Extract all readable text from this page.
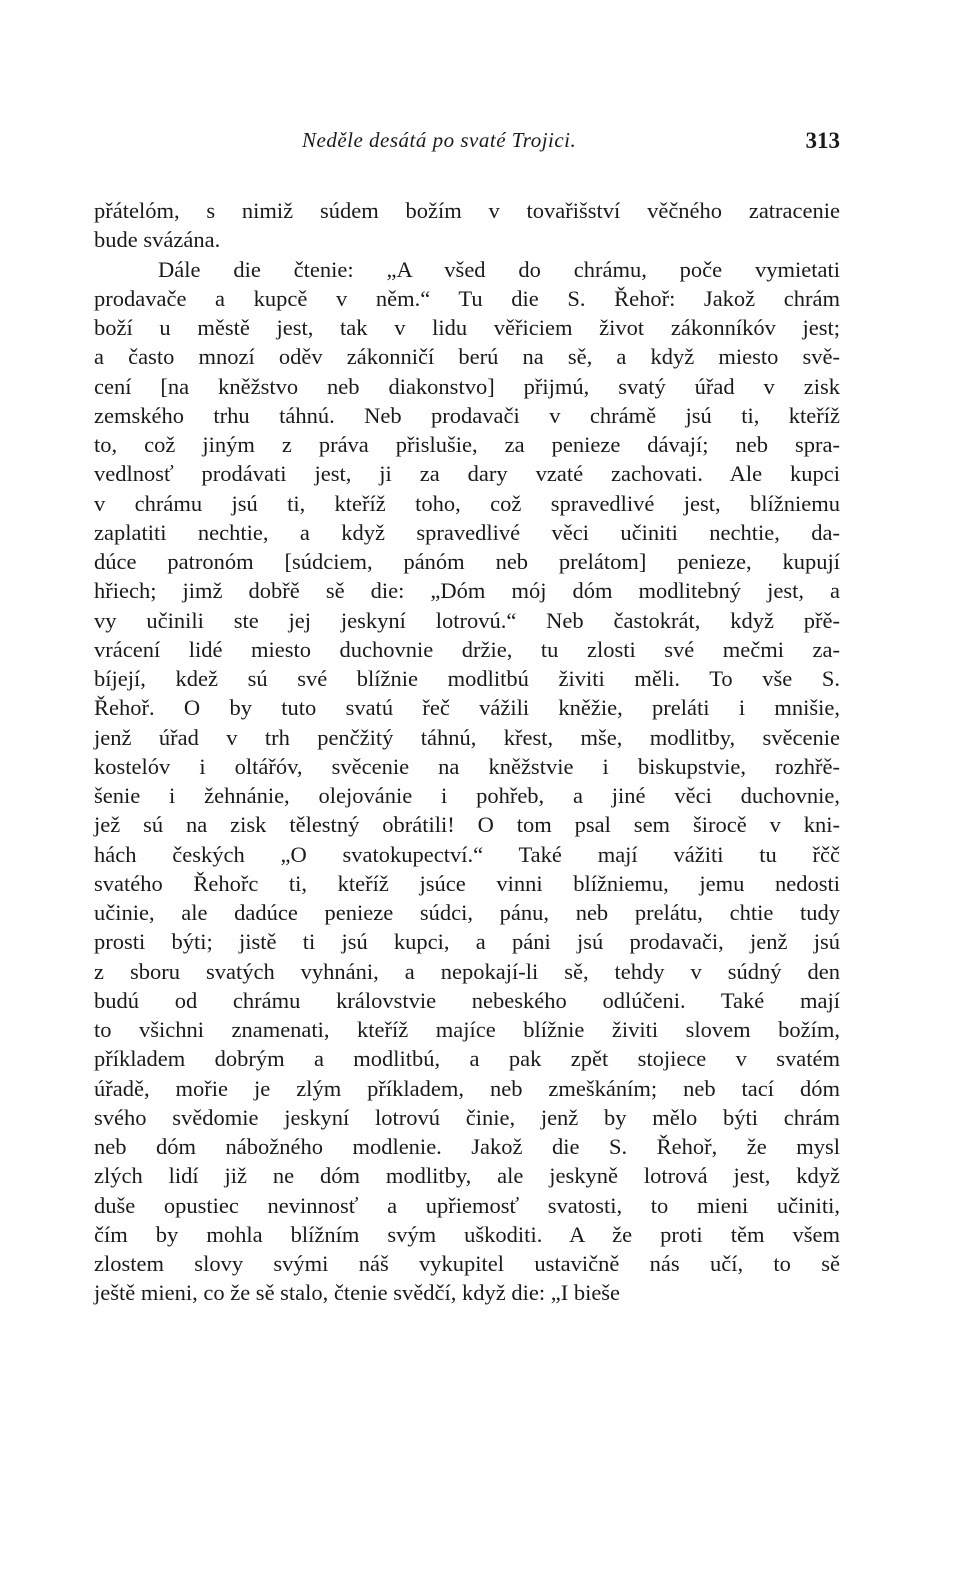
Neděle desátá po svaté Trojici.	313
přátelóm, s nimiž súdem božím v tovařišství věčného zatracenie
bude svázána.
Dále die čtenie: „A všed do chrámu, poče vymietati
prodavače a kupcě v něm.“ Tu die S. Řehoř: Jakož chrám
boží u městě jest, tak v lidu věřiciem život zákonníkóv jest;
a často mnozí oděv zákonničí berú na sě, a když miesto svě-
cení [na kněžstvo neb diakonstvo] přijmú, svatý úřad v zisk
zemského trhu táhnú. Neb prodavači v chrámě jsú ti, kteříž
to, což jiným z práva přislušie, za penieze dávají; neb spra-
vedlnosť prodávati jest, ji za dary vzaté zachovati. Ale kupci
v chrámu jsú ti, kteříž toho, což spravedlivé jest, blížniemu
zaplatiti nechtie, a když spravedlivé věci učiniti nechtie, da-
dúce patronóm [súdciem, pánóm neb prelátom] penieze, kupují
hřiech; jimž dobřě sě die: „Dóm mój dóm modlitebný jest, a
vy učinili ste jej jeskyní lotrovú.“ Neb častokrát, když přě-
vrácení lidé miesto duchovnie držie, tu zlosti své mečmi za-
bíjejí, kdež sú své blížnie modlitbú živiti měli. To vše S.
Řehoř. O by tuto svatú řeč vážili kněžie, preláti i mnišie,
jenž úřad v trh penčžitý táhnú, křest, mše, modlitby, svěcenie
kostelóv i oltářóv, svěcenie na kněžstvie i biskupstvie, rozhřě-
šenie i žehnánie, olejovánie i pohřeb, a jiné věci duchovnie,
jež sú na zisk tělestný obrátili! O tom psal sem širocě v kni-
hách českých „O svatokupectví.“ Také mají vážiti tu řčč
svatého Řehořc ti, kteříž jsúce vinni blížniemu, jemu nedosti
učinie, ale dadúce penieze súdci, pánu, neb prelátu, chtie tudy
prosti býti; jistě ti jsú kupci, a páni jsú prodavači, jenž jsú
z sboru svatých vyhnáni, a nepokají-li sě, tehdy v súdný den
budú od chrámu královstvie nebeského odlúčeni. Také mají
to všichni znamenati, kteříž majíce blížnie živiti slovem božím,
příkladem dobrým a modlitbú, a pak zpět stojiece v svatém
úřadě, mořie je zlým příkladem, neb zmeškáním; neb tací dóm
svého svědomie jeskyní lotrovú činie, jenž by mělo býti chrám
neb dóm nábožného modlenie. Jakož die S. Řehoř, že mysl
zlých lidí již ne dóm modlitby, ale jeskyně lotrová jest, když
duše opustiec nevinnosť a upřiemosť svatosti, to mieni učiniti,
čím by mohla blížním svým uškoditi. A že proti těm všem
zlostem slovy svými náš vykupitel ustavičně nás učí, to sě
ještě mieni, co že sě stalo, čtenie svědčí, když die: „I bieše
